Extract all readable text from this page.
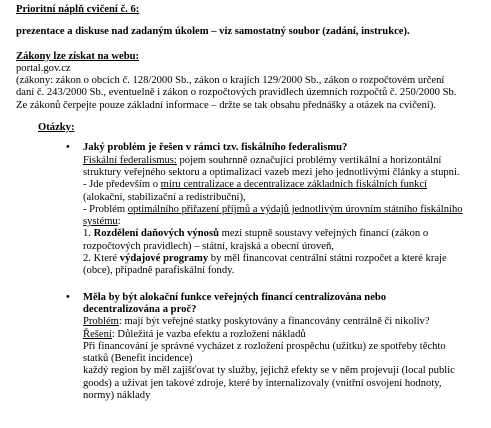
Prioritní náplň cvičení č. 6:
prezentace a diskuse nad zadaným úkolem – viz samostatný soubor (zadání, instrukce).
Zákony lze získat na webu:
portal.gov.cz
(zákony: zákon o obcích č. 128/2000 Sb., zákon o krajích 129/2000 Sb., zákon o rozpočtovém určení
daní č. 243/2000 Sb., eventuelně i zákon o rozpočtových pravidlech územních rozpočtů č. 250/2000 Sb.
Ze zákonů čerpejte pouze základní informace – držte se tak obsahu přednášky a otázek na cvičení).
Otázky:
• Jaký problém je řešen v rámci tzv. fiskálního federalismu?
Fiskální federalismus: pojem souhrnně označující problémy vertikální a horizontální
struktury veřejného sektoru a optimalizaci vazeb mezi jeho jednotlivými články a stupni.
- Jde především o míru centralizace a decentralizace základních fiskálních funkcí
(alokační, stabilizační a redistribuční),
- Problém optimálního přiřazení příjmů a výdajů jednotlivým úrovním státního fiskálního
systému:
1. Rozdělení daňových výnosů mezi stupně soustavy veřejných financí (zákon o
rozpočtových pravidlech) – státní, krajská a obecní úroveň,
2. Které výdajové programy by měl financovat centrální státní rozpočet a které kraje
(obce), případně parafiskální fondy.
• Měla by být alokační funkce veřejných financí centralizována nebo
decentralizována a proč?
Problém: mají být veřejné statky poskytovány a financovány centrálně či nikoliv?
Řešení: Důležitá je vazba efektu a rozložení nákladů
Při financování je správné vycházet z rozložení prospěchu (užitku) ze spotřeby těchto
statků (Benefit incidence)
každý region by měl zajišťovat ty služby, jejichž efekty se v něm projevují (local public
goods) a užívat jen takové zdroje, které by internalizovaly (vnitřní osvojení hodnoty,
normy) náklady
